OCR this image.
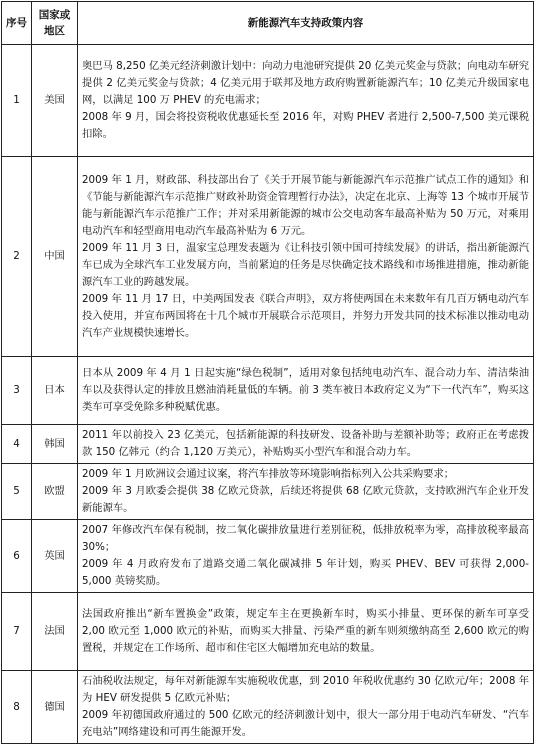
序号	国家或地区	新能源汽车支持政策内容
1	美国	奥巴马 8,250 亿美元经济刺激计划中：向动力电池研究提供 20 亿美元奖金与贷款；向电动车研究提供 2 亿美元奖金与贷款；4 亿美元用于联邦及地方政府购置新能源汽车；10 亿美元升级国家电网，以满足 100 万 PHEV 的充电需求；
2008 年 9 月，国会将投资税收优惠延长至 2016 年，对购 PHEV 者进行 2,500-7,500 美元课税扣除。

2	中国	2009 年 1 月，财政部、科技部出台了《关于开展节能与新能源汽车示范推广试点工作的通知》和《节能与新能源汽车示范推广财政补助资金管理暂行办法》，决定在北京、上海等 13 个城市开展节能与新能源汽车示范推广工作；并对采用新能源的城市公交电动客车最高补贴为 50 万元，对乘用电动汽车和轻型商用电动汽车最高补贴为 6 万元。
2009 年 11 月 3 日，温家宝总理发表题为《让科技引领中国可持续发展》的讲话，指出新能源汽车已成为全球汽车工业发展方向，当前紧迫的任务是尽快确定技术路线和市场推进措施，推动新能源汽车工业的跨越发展。
2009 年 11 月 17 日，中美两国发表《联合声明》，双方将使两国在未来数年有几百万辆电动汽车投入使用，并宣布两国将在十几个城市开展联合示范项目，并努力开发共同的技术标准以推动电动汽车产业规模快速增长。

3	日本	日本从 2009 年 4 月 1 日起实施“绿色税制”，适用对象包括纯电动汽车、混合动力车、清洁柴油车以及获得认定的排放且燃油消耗量低的车辆。前 3 类车被日本政府定义为“下一代汽车”，购买这类车可享受免除多种税赋优惠。

4	韩国	2011 年以前投入 23 亿美元，包括新能源的科技研发、设备补助与差额补助等；政府正在考虑拨款 150 亿韩元（约合 1,120 万美元），补贴购买小型汽车和混合动力车。

5	欧盟	2009 年 1 月欧洲议会通过议案，将汽车排放等环境影响指标列入公共采购要求；
2009 年 3 月欧委会提供 38 亿欧元贷款，后续还将提供 68 亿欧元贷款，支持欧洲汽车企业开发新能源车。

6	英国	2007 年修改汽车保有税制，按二氧化碳排放量进行差别征税，低排放税率为零，高排放税率最高 30%；
2009 年 4 月政府发布了道路交通二氧化碳减排 5 年计划，购买 PHEV、BEV 可获得 2,000-5,000 英镑奖励。

7	法国	法国政府推出“新车置换金”政策，规定车主在更换新车时，购买小排量、更环保的新车可享受 2,00 欧元至 1,000 欧元的补贴，而购买大排量、污染严重的新车则须缴纳高至 2,600 欧元的购置税，并规定在工作场所、超市和住宅区大幅增加充电站的数量。

8	德国	石油税收法规定，每年对新能源车实施税收优惠，到 2010 年税收优惠约 30 亿欧元/年；2008 年为 HEV 研发提供 5 亿欧元补贴；
2009 年初德国政府通过的 500 亿欧元的经济刺激计划中，很大一部分用于电动汽车研发、“汽车充电站”网络建设和可再生能源开发。
